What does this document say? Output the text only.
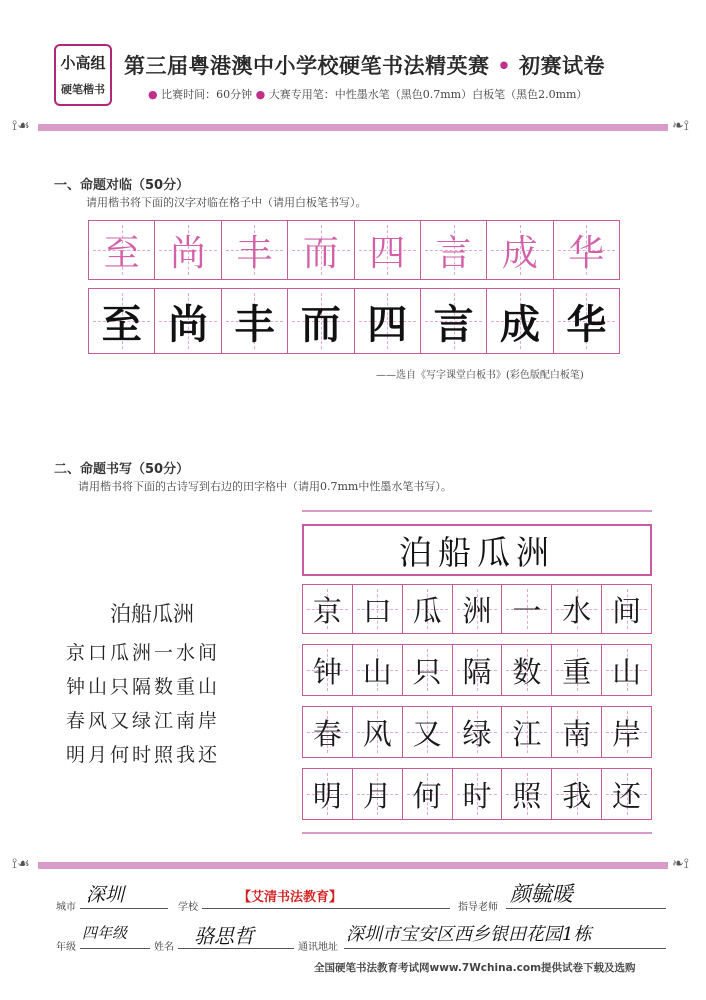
小高组
硬笔楷书
第三届粤港澳中小学校硬笔书法精英赛 • 初赛试卷
● 比赛时间：60分钟 ● 大赛专用笔：中性墨水笔（黑色0.7mm）白板笔（黑色2.0mm）
⟟☙	❧⟟
一、命题对临（50分）
请用楷书将下面的汉字对临在格子中（请用白板笔书写）。
至 尚 丰 而 四 言 成 华
至 尚 丰 而 四 言 成 华
——选自《写字课堂白板书》(彩色版配白板笔)
二、命题书写（50分）
请用楷书将下面的古诗写到右边的田字格中（请用0.7mm中性墨水笔书写）。
泊船瓜洲
泊船瓜洲
京口瓜洲一水间
钟山只隔数重山
春风又绿江南岸
明月何时照我还
京 口 瓜 洲 一 水 间
钟 山 只 隔 数 重 山
春 风 又 绿 江 南 岸
明 月 何 时 照 我 还
⟟☙	❧⟟
城市
深圳
学校
【艾清书法教育】
指导老师
颜毓暖
年级
四年级
姓名 骆思哲	通讯地址
深圳市宝安区西乡银田花园1栋
全国硬笔书法教育考试网www.7Wchina.com提供试卷下载及选购
